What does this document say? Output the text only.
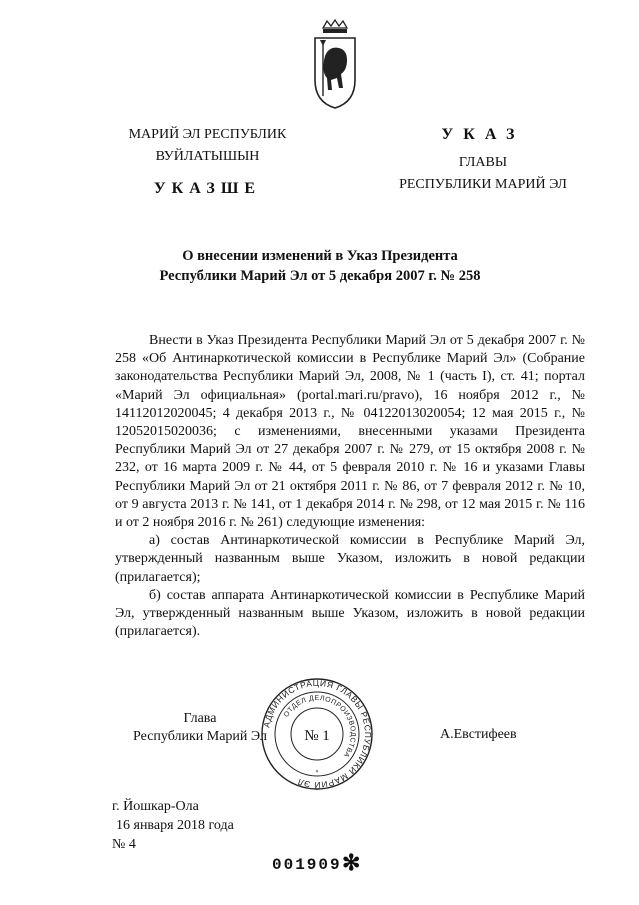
МАРИЙ ЭЛ РЕСПУБЛИК
ВУЙЛАТЫШЫН
УКАЗШЕ
УКАЗ
ГЛАВЫ
РЕСПУБЛИКИ МАРИЙ ЭЛ
О внесении изменений в Указ Президента
Республики Марий Эл от 5 декабря 2007 г. № 258

Внести в Указ Президента Республики Марий Эл от 5 декабря 2007 г. № 258 «Об Антинаркотической комиссии в Республике Марий Эл» (Собрание законодательства Республики Марий Эл, 2008, № 1 (часть I), ст. 41; портал «Марий Эл официальная» (portal.mari.ru/pravo), 16 ноября 2012 г., № 14112012020045; 4 декабря 2013 г., № 04122013020054; 12 мая 2015 г., № 12052015020036; с изменениями, внесенными указами Президента Республики Марий Эл от 27 декабря 2007 г. № 279, от 15 октября 2008 г. № 232, от 16 марта 2009 г. № 44, от 5 февраля 2010 г. № 16 и указами Главы Республики Марий Эл от 21 октября 2011 г. № 86, от 7 февраля 2012 г. № 10, от 9 августа 2013 г. № 141, от 1 декабря 2014 г. № 298, от 12 мая 2015 г. № 116 и от 2 ноября 2016 г. № 261) следующие изменения:

а) состав Антинаркотической комиссии в Республике Марий Эл, утвержденный названным выше Указом, изложить в новой редакции (прилагается);

б) состав аппарата Антинаркотической комиссии в Республике Марий Эл, утвержденный названным выше Указом, изложить в новой редакции (прилагается).

Глава
Республики Марий Эл	А.Евстифеев
АДМИНИСТРАЦИЯ ГЛАВЫ РЕСПУБЛИКИ МАРИЙ ЭЛ
ОТДЕЛ ДЕЛОПРОИЗВОДСТВА
№ 1
*
г. Йошкар-Ола
16 января 2018 года
№ 4
001909 ✻
